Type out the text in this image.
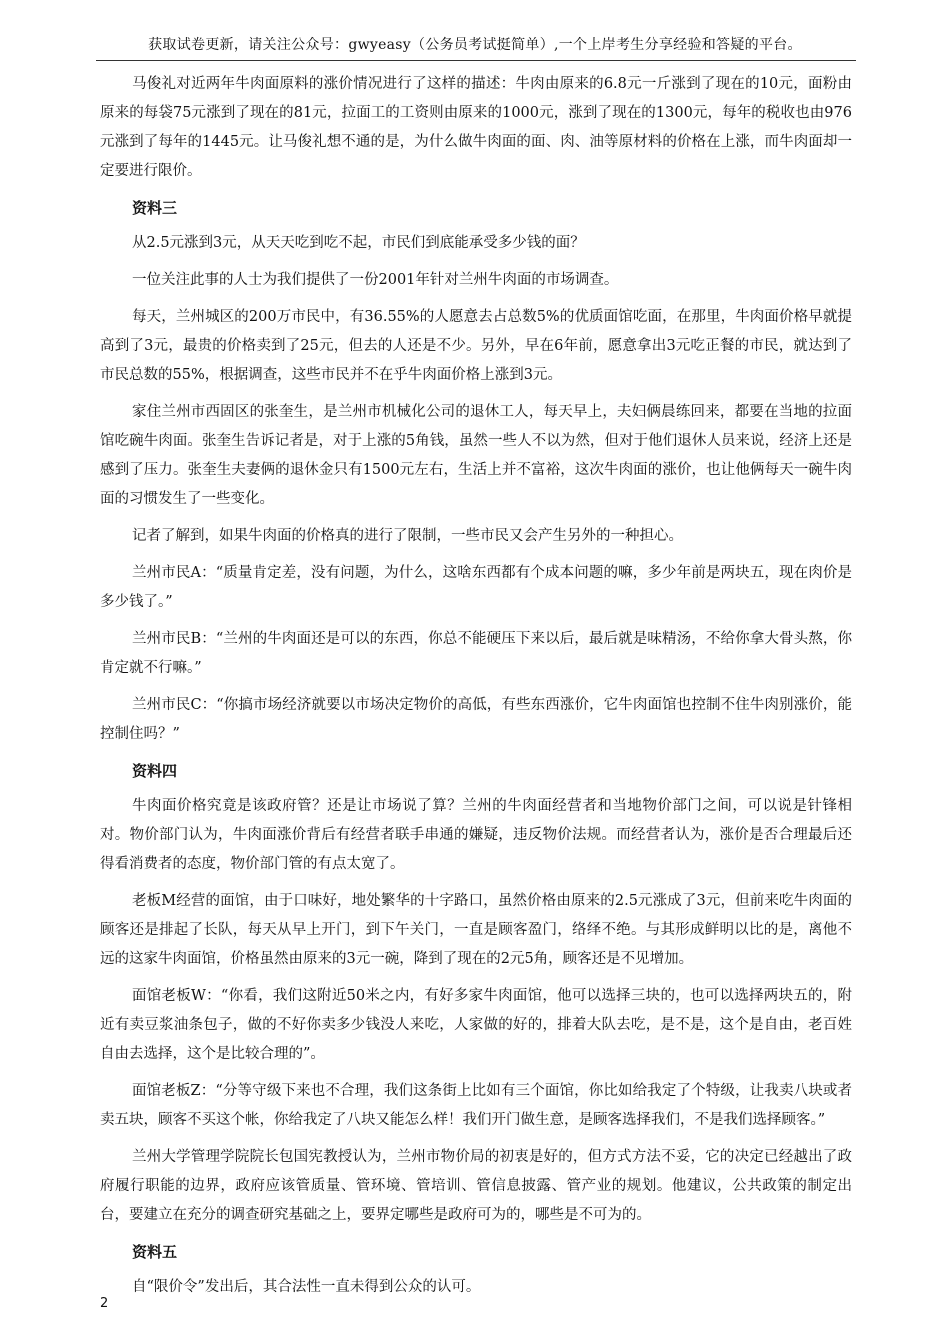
获取试卷更新，请关注公众号：gwyeasy（公务员考试挺简单）,一个上岸考生分享经验和答疑的平台。

马俊礼对近两年牛肉面原料的涨价情况进行了这样的描述：牛肉由原来的6.8元一斤涨到了现在的10元，面粉由原来的每袋75元涨到了现在的81元，拉面工的工资则由原来的1000元，涨到了现在的1300元，每年的税收也由976元涨到了每年的1445元。让马俊礼想不通的是，为什么做牛肉面的面、肉、油等原材料的价格在上涨，而牛肉面却一定要进行限价。

资料三

从2.5元涨到3元，从天天吃到吃不起，市民们到底能承受多少钱的面？

一位关注此事的人士为我们提供了一份2001年针对兰州牛肉面的市场调查。

每天，兰州城区的200万市民中，有36.55%的人愿意去占总数5%的优质面馆吃面，在那里，牛肉面价格早就提高到了3元，最贵的价格卖到了25元，但去的人还是不少。另外，早在6年前，愿意拿出3元吃正餐的市民，就达到了市民总数的55%，根据调查，这些市民并不在乎牛肉面价格上涨到3元。

家住兰州市西固区的张奎生，是兰州市机械化公司的退休工人，每天早上，夫妇俩晨练回来，都要在当地的拉面馆吃碗牛肉面。张奎生告诉记者是，对于上涨的5角钱，虽然一些人不以为然，但对于他们退休人员来说，经济上还是感到了压力。张奎生夫妻俩的退休金只有1500元左右，生活上并不富裕，这次牛肉面的涨价，也让他俩每天一碗牛肉面的习惯发生了一些变化。

记者了解到，如果牛肉面的价格真的进行了限制，一些市民又会产生另外的一种担心。

兰州市民A：“质量肯定差，没有问题，为什么，这啥东西都有个成本问题的嘛，多少年前是两块五，现在肉价是多少钱了。”

兰州市民B：“兰州的牛肉面还是可以的东西，你总不能硬压下来以后，最后就是味精汤，不给你拿大骨头熬，你肯定就不行嘛。”

兰州市民C：“你搞市场经济就要以市场决定物价的高低，有些东西涨价，它牛肉面馆也控制不住牛肉别涨价，能控制住吗？”

资料四

牛肉面价格究竟是该政府管？还是让市场说了算？兰州的牛肉面经营者和当地物价部门之间，可以说是针锋相对。物价部门认为，牛肉面涨价背后有经营者联手串通的嫌疑，违反物价法规。而经营者认为，涨价是否合理最后还得看消费者的态度，物价部门管的有点太宽了。

老板M经营的面馆，由于口味好，地处繁华的十字路口，虽然价格由原来的2.5元涨成了3元，但前来吃牛肉面的顾客还是排起了长队，每天从早上开门，到下午关门，一直是顾客盈门，络绎不绝。与其形成鲜明以比的是，离他不远的这家牛肉面馆，价格虽然由原来的3元一碗，降到了现在的2元5角，顾客还是不见增加。

面馆老板W：“你看，我们这附近50米之内，有好多家牛肉面馆，他可以选择三块的，也可以选择两块五的，附近有卖豆浆油条包子，做的不好你卖多少钱没人来吃，人家做的好的，排着大队去吃，是不是，这个是自由，老百姓自由去选择，这个是比较合理的”。

面馆老板Z：“分等守级下来也不合理，我们这条街上比如有三个面馆，你比如给我定了个特级，让我卖八块或者卖五块，顾客不买这个帐，你给我定了八块又能怎么样！我们开门做生意，是顾客选择我们，不是我们选择顾客。”

兰州大学管理学院院长包国宪教授认为，兰州市物价局的初衷是好的，但方式方法不妥，它的决定已经越出了政府履行职能的边界，政府应该管质量、管环境、管培训、管信息披露、管产业的规划。他建议，公共政策的制定出台，要建立在充分的调查研究基础之上，要界定哪些是政府可为的，哪些是不可为的。

资料五

自“限价令”发出后，其合法性一直未得到公众的认可。

2
